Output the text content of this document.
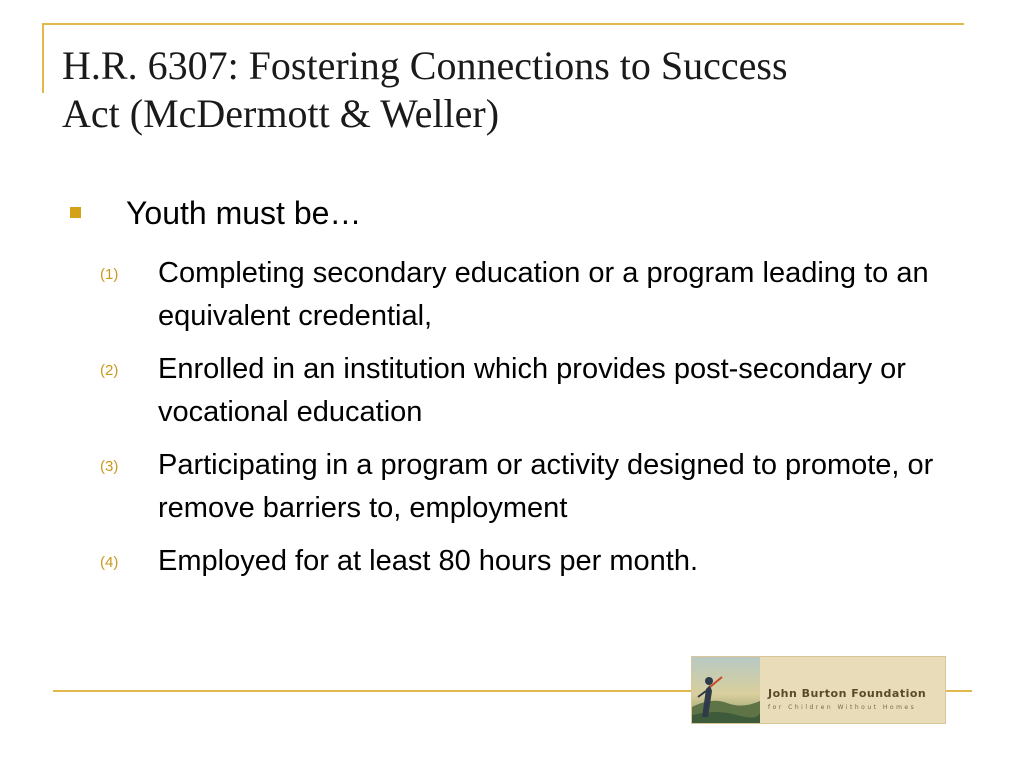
H.R. 6307: Fostering Connections to Success
Act (McDermott & Weller)
Youth must be…
(1) Completing secondary education or a program leading to an equivalent credential,
(2) Enrolled in an institution which provides post-secondary or vocational education
(3) Participating in a program or activity designed to promote, or remove barriers to, employment
(4) Employed for at least 80 hours per month.
John Burton Foundation
for Children Without Homes
